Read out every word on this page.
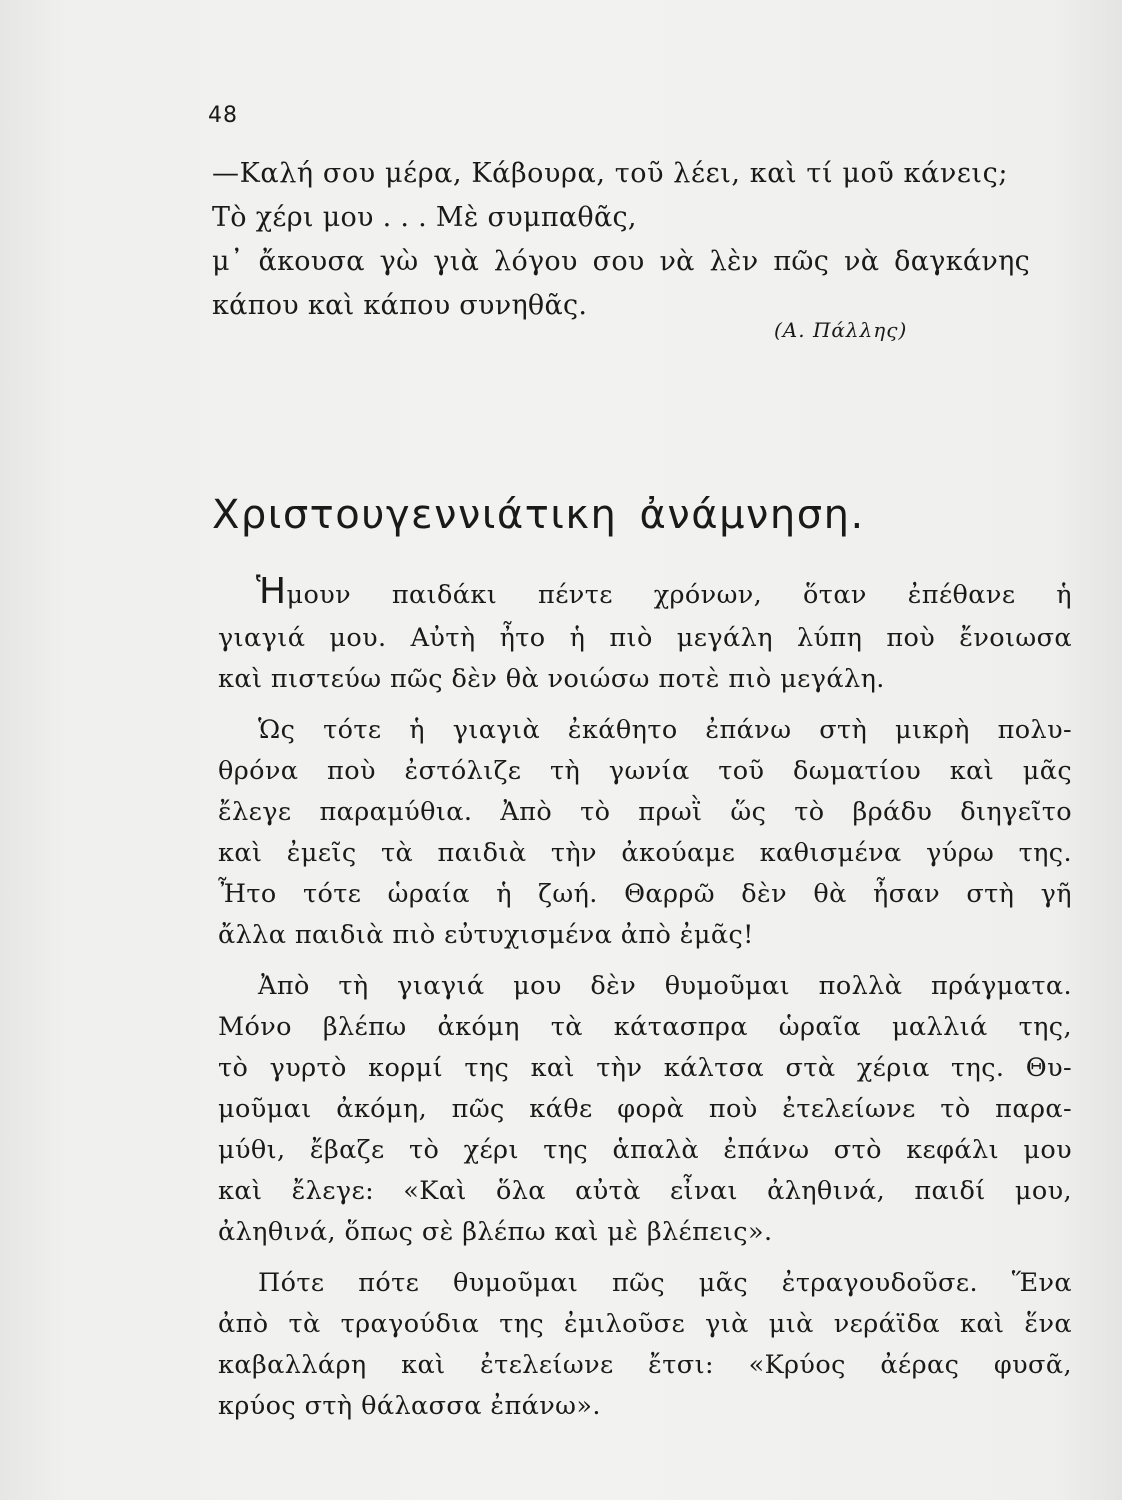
48
—Καλή σου μέρα, Κάβουρα, τοῦ λέει, καὶ τί μοῦ κάνεις;
Τὸ χέρι μου . . . Μὲ συμπαθᾶς,
μ᾿ ἄκουσα γὼ γιὰ λόγου σου νὰ λὲν πῶς νὰ δαγκάνης
κάπου καὶ κάπου συνηθᾶς.
(Α. Πάλλης)
Χριστουγεννιάτικη ἀνάμνηση.
Ἡμουν παιδάκι πέντε χρόνων, ὅταν ἐπέθανε ἡ
γιαγιά μου. Αὐτὴ ἦτο ἡ πιὸ μεγάλη λύπη ποὺ ἔνοιωσα
καὶ πιστεύω πῶς δὲν θὰ νοιώσω ποτὲ πιὸ μεγάλη.
Ὡς τότε ἡ γιαγιὰ ἐκάθητο ἐπάνω στὴ μικρὴ πολυ-
θρόνα ποὺ ἐστόλιζε τὴ γωνία τοῦ δωματίου καὶ μᾶς
ἔλεγε παραμύθια. Ἀπὸ τὸ πρωῒ ὥς τὸ βράδυ διηγεῖτο
καὶ ἐμεῖς τὰ παιδιὰ τὴν ἀκούαμε καθισμένα γύρω της.
Ἦτο τότε ὡραία ἡ ζωή. Θαρρῶ δὲν θὰ ἦσαν στὴ γῆ
ἄλλα παιδιὰ πιὸ εὐτυχισμένα ἀπὸ ἐμᾶς!
Ἀπὸ τὴ γιαγιά μου δὲν θυμοῦμαι πολλὰ πράγματα.
Μόνο βλέπω ἀκόμη τὰ κάτασπρα ὡραῖα μαλλιά της,
τὸ γυρτὸ κορμί της καὶ τὴν κάλτσα στὰ χέρια της. Θυ-
μοῦμαι ἀκόμη, πῶς κάθε φορὰ ποὺ ἐτελείωνε τὸ παρα-
μύθι, ἔβαζε τὸ χέρι της ἁπαλὰ ἐπάνω στὸ κεφάλι μου
καὶ ἔλεγε: «Καὶ ὅλα αὐτὰ εἶναι ἀληθινά, παιδί μου,
ἀληθινά, ὅπως σὲ βλέπω καὶ μὲ βλέπεις».
Πότε πότε θυμοῦμαι πῶς μᾶς ἐτραγουδοῦσε. Ἕνα
ἀπὸ τὰ τραγούδια της ἐμιλοῦσε γιὰ μιὰ νεράϊδα καὶ ἕνα
καβαλλάρη καὶ ἐτελείωνε ἔτσι: «Κρύος ἀέρας φυσᾶ,
κρύος στὴ θάλασσα ἐπάνω».
